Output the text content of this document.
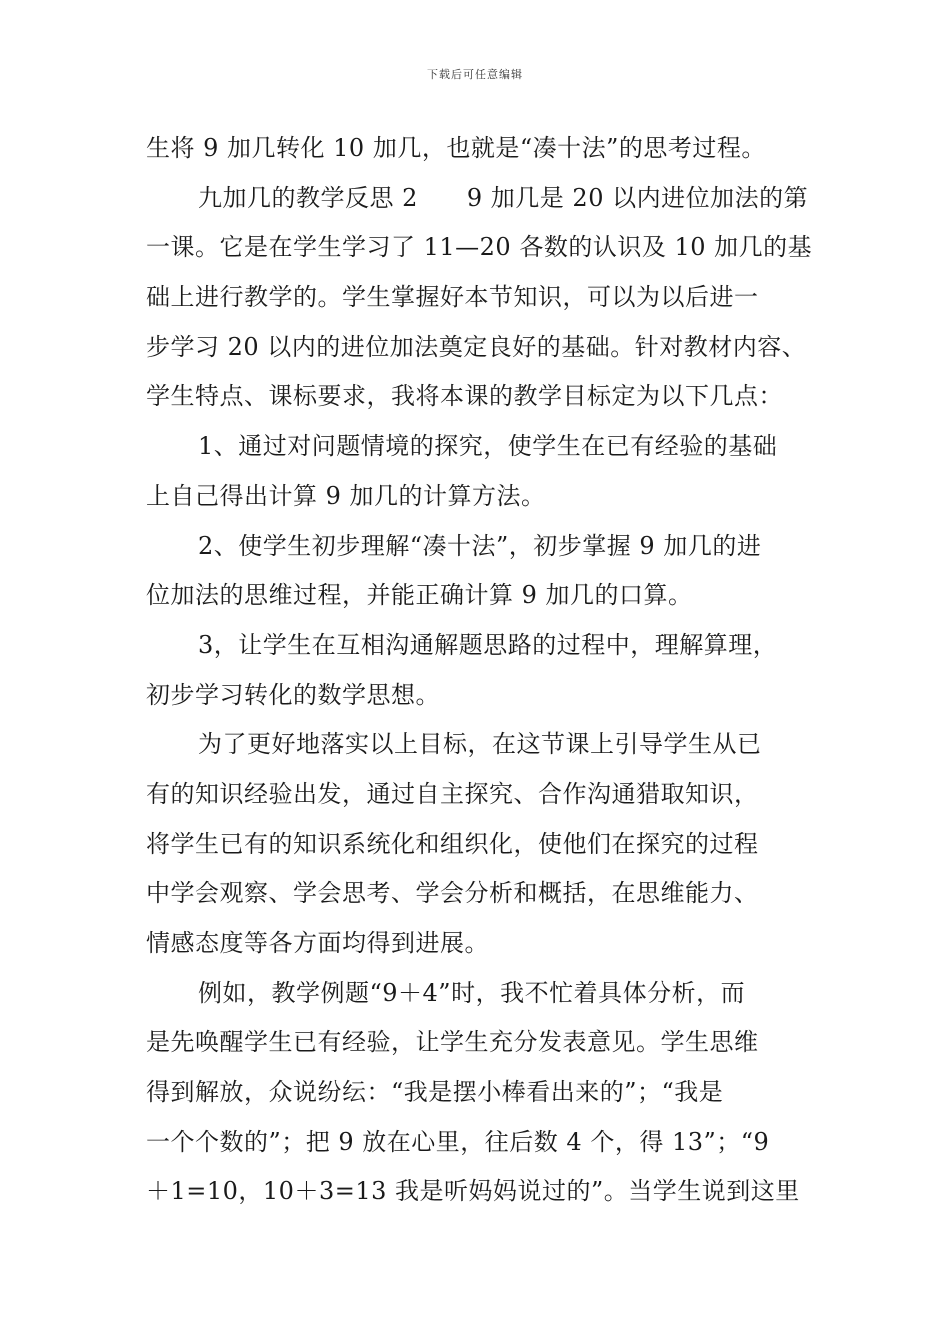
下载后可任意编辑
生将 9 加几转化 10 加几，也就是“凑十法”的思考过程。
九加几的教学反思 2　　9 加几是 20 以内进位加法的第
一课。它是在学生学习了 11—20 各数的认识及 10 加几的基
础上进行教学的。学生掌握好本节知识，可以为以后进一
步学习 20 以内的进位加法奠定良好的基础。针对教材内容、
学生特点、课标要求，我将本课的教学目标定为以下几点：
1、通过对问题情境的探究，使学生在已有经验的基础
上自己得出计算 9 加几的计算方法。
2、使学生初步理解“凑十法”，初步掌握 9 加几的进
位加法的思维过程，并能正确计算 9 加几的口算。
3，让学生在互相沟通解题思路的过程中，理解算理，
初步学习转化的数学思想。
为了更好地落实以上目标，在这节课上引导学生从已
有的知识经验出发，通过自主探究、合作沟通猎取知识，
将学生已有的知识系统化和组织化，使他们在探究的过程
中学会观察、学会思考、学会分析和概括，在思维能力、
情感态度等各方面均得到进展。
例如，教学例题“9＋4”时，我不忙着具体分析，而
是先唤醒学生已有经验，让学生充分发表意见。学生思维
得到解放，众说纷纭：“我是摆小棒看出来的”；“我是
一个个数的”；把 9 放在心里，往后数 4 个，得 13”；“9
＋1=10，10＋3=13 我是听妈妈说过的”。当学生说到这里
